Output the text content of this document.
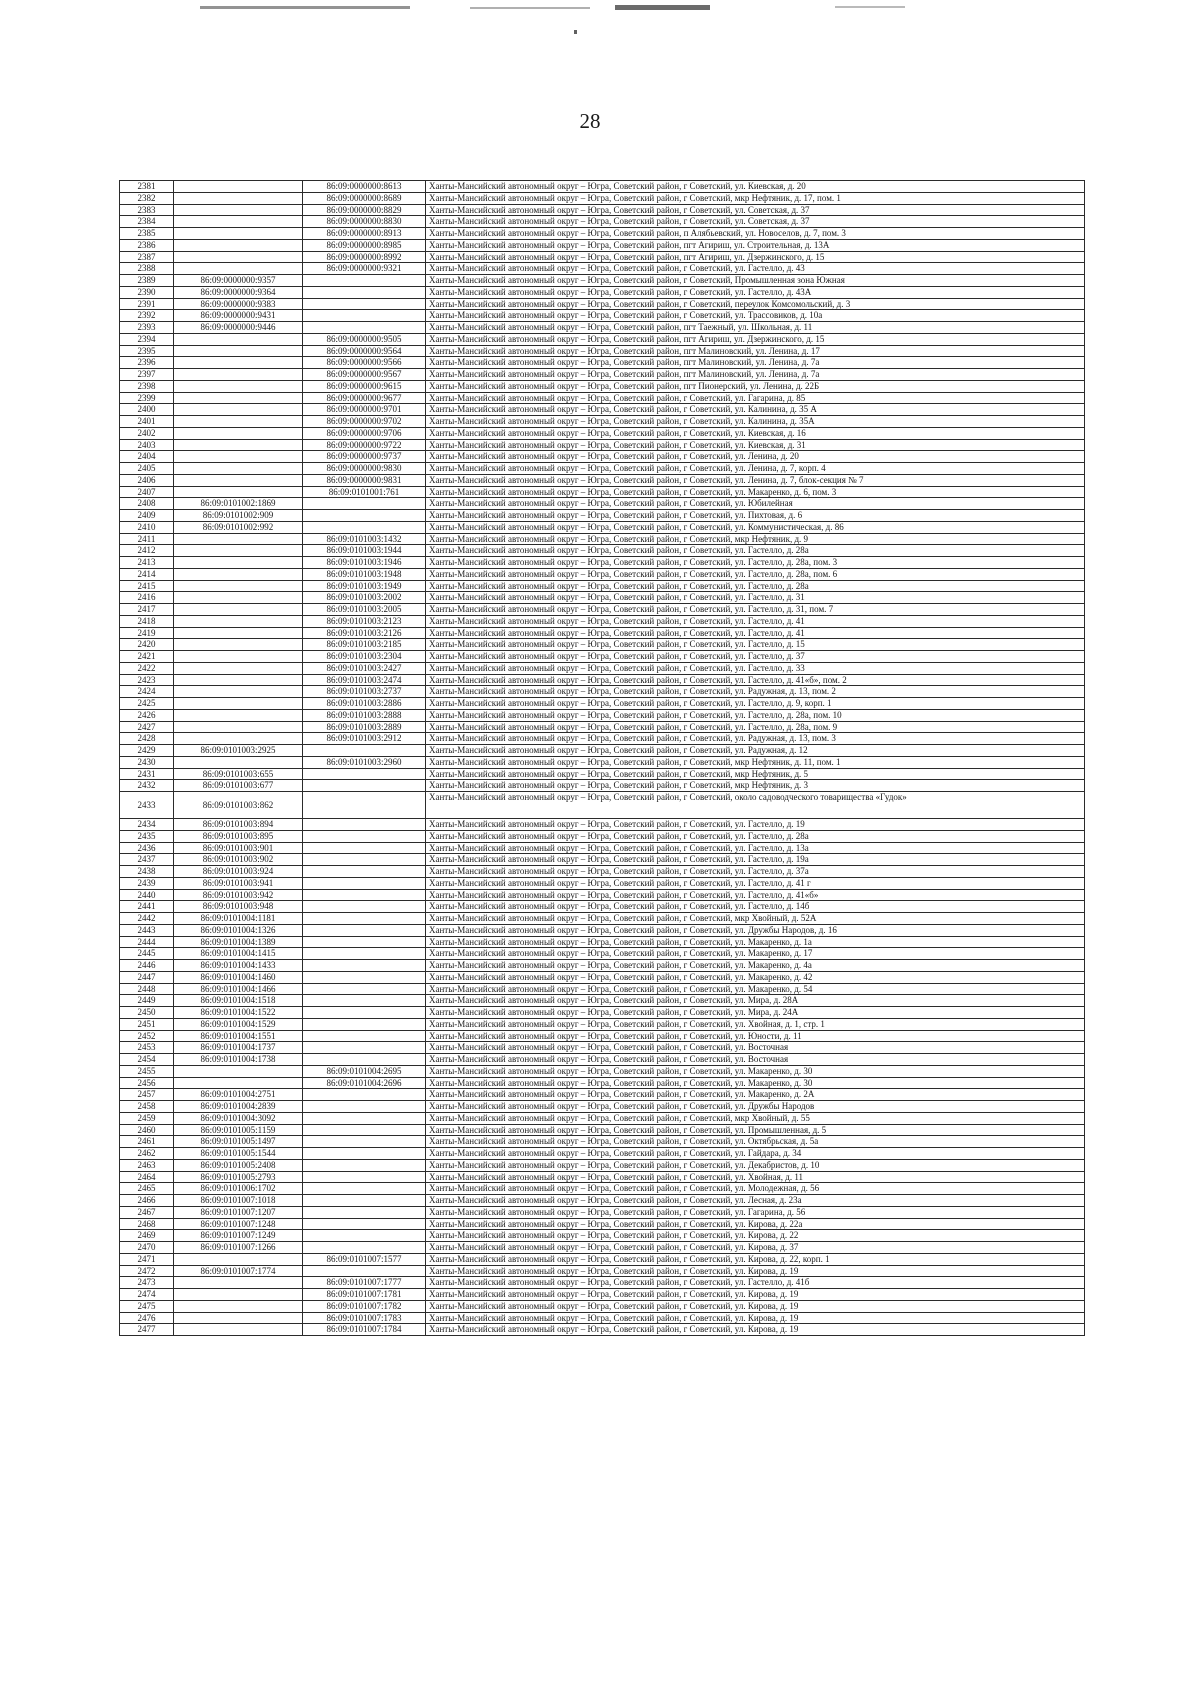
28
2381		86:09:0000000:8613	Ханты-Мансийский автономный округ – Югра, Советский район, г Советский, ул. Киевская, д. 20
2382		86:09:0000000:8689	Ханты-Мансийский автономный округ – Югра, Советский район, г Советский, мкр Нефтяник, д. 17, пом. 1
2383		86:09:0000000:8829	Ханты-Мансийский автономный округ – Югра, Советский район, г Советский, ул. Советская, д. 37
2384		86:09:0000000:8830	Ханты-Мансийский автономный округ – Югра, Советский район, г Советский, ул. Советская, д. 37
2385		86:09:0000000:8913	Ханты-Мансийский автономный округ – Югра, Советский район, п Алябьевский, ул. Новоселов, д. 7, пом. 3
2386		86:09:0000000:8985	Ханты-Мансийский автономный округ – Югра, Советский район, пгт Агириш, ул. Строительная, д. 13А
2387		86:09:0000000:8992	Ханты-Мансийский автономный округ – Югра, Советский район, пгт Агириш, ул. Дзержинского, д. 15
2388		86:09:0000000:9321	Ханты-Мансийский автономный округ – Югра, Советский район, г Советский, ул. Гастелло, д. 43
2389	86:09:0000000:9357		Ханты-Мансийский автономный округ – Югра, Советский район, г Советский, Промышленная зона Южная
2390	86:09:0000000:9364		Ханты-Мансийский автономный округ – Югра, Советский район, г Советский, ул. Гастелло, д. 43А
2391	86:09:0000000:9383		Ханты-Мансийский автономный округ – Югра, Советский район, г Советский, переулок Комсомольский, д. 3
2392	86:09:0000000:9431		Ханты-Мансийский автономный округ – Югра, Советский район, г Советский, ул. Трассовиков, д. 10а
2393	86:09:0000000:9446		Ханты-Мансийский автономный округ – Югра, Советский район, пгт Таежный, ул. Школьная, д. 11
2394		86:09:0000000:9505	Ханты-Мансийский автономный округ – Югра, Советский район, пгт Агириш, ул. Дзержинского, д. 15
2395		86:09:0000000:9564	Ханты-Мансийский автономный округ – Югра, Советский район, пгт Малиновский, ул. Ленина, д. 17
2396		86:09:0000000:9566	Ханты-Мансийский автономный округ – Югра, Советский район, пгт Малиновский, ул. Ленина, д. 7а
2397		86:09:0000000:9567	Ханты-Мансийский автономный округ – Югра, Советский район, пгт Малиновский, ул. Ленина, д. 7а
2398		86:09:0000000:9615	Ханты-Мансийский автономный округ – Югра, Советский район, пгт Пионерский, ул. Ленина, д. 22Б
2399		86:09:0000000:9677	Ханты-Мансийский автономный округ – Югра, Советский район, г Советский, ул. Гагарина, д. 85
2400		86:09:0000000:9701	Ханты-Мансийский автономный округ – Югра, Советский район, г Советский, ул. Калинина, д. 35 А
2401		86:09:0000000:9702	Ханты-Мансийский автономный округ – Югра, Советский район, г Советский, ул. Калинина, д. 35А
2402		86:09:0000000:9706	Ханты-Мансийский автономный округ – Югра, Советский район, г Советский, ул. Киевская, д. 16
2403		86:09:0000000:9722	Ханты-Мансийский автономный округ – Югра, Советский район, г Советский, ул. Киевская, д. 31
2404		86:09:0000000:9737	Ханты-Мансийский автономный округ – Югра, Советский район, г Советский, ул. Ленина, д. 20
2405		86:09:0000000:9830	Ханты-Мансийский автономный округ – Югра, Советский район, г Советский, ул. Ленина, д. 7, корп. 4
2406		86:09:0000000:9831	Ханты-Мансийский автономный округ – Югра, Советский район, г Советский, ул. Ленина, д. 7, блок-секция № 7
2407		86:09:0101001:761	Ханты-Мансийский автономный округ – Югра, Советский район, г Советский, ул. Макаренко, д. 6, пом. 3
2408	86:09:0101002:1869		Ханты-Мансийский автономный округ – Югра, Советский район, г Советский, ул. Юбилейная
2409	86:09:0101002:909		Ханты-Мансийский автономный округ – Югра, Советский район, г Советский, ул. Пихтовая, д. 6
2410	86:09:0101002:992		Ханты-Мансийский автономный округ – Югра, Советский район, г Советский, ул. Коммунистическая, д. 86
2411		86:09:0101003:1432	Ханты-Мансийский автономный округ – Югра, Советский район, г Советский, мкр Нефтяник, д. 9
2412		86:09:0101003:1944	Ханты-Мансийский автономный округ – Югра, Советский район, г Советский, ул. Гастелло, д. 28а
2413		86:09:0101003:1946	Ханты-Мансийский автономный округ – Югра, Советский район, г Советский, ул. Гастелло, д. 28а, пом. 3
2414		86:09:0101003:1948	Ханты-Мансийский автономный округ – Югра, Советский район, г Советский, ул. Гастелло, д. 28а, пом. 6
2415		86:09:0101003:1949	Ханты-Мансийский автономный округ – Югра, Советский район, г Советский, ул. Гастелло, д. 28а
2416		86:09:0101003:2002	Ханты-Мансийский автономный округ – Югра, Советский район, г Советский, ул. Гастелло, д. 31
2417		86:09:0101003:2005	Ханты-Мансийский автономный округ – Югра, Советский район, г Советский, ул. Гастелло, д. 31, пом. 7
2418		86:09:0101003:2123	Ханты-Мансийский автономный округ – Югра, Советский район, г Советский, ул. Гастелло, д. 41
2419		86:09:0101003:2126	Ханты-Мансийский автономный округ – Югра, Советский район, г Советский, ул. Гастелло, д. 41
2420		86:09:0101003:2185	Ханты-Мансийский автономный округ – Югра, Советский район, г Советский, ул. Гастелло, д. 15
2421		86:09:0101003:2304	Ханты-Мансийский автономный округ – Югра, Советский район, г Советский, ул. Гастелло, д. 37
2422		86:09:0101003:2427	Ханты-Мансийский автономный округ – Югра, Советский район, г Советский, ул. Гастелло, д. 33
2423		86:09:0101003:2474	Ханты-Мансийский автономный округ – Югра, Советский район, г Советский, ул. Гастелло, д. 41«б», пом. 2
2424		86:09:0101003:2737	Ханты-Мансийский автономный округ – Югра, Советский район, г Советский, ул. Радужная, д. 13, пом. 2
2425		86:09:0101003:2886	Ханты-Мансийский автономный округ – Югра, Советский район, г Советский, ул. Гастелло, д. 9, корп. 1
2426		86:09:0101003:2888	Ханты-Мансийский автономный округ – Югра, Советский район, г Советский, ул. Гастелло, д. 28а, пом. 10
2427		86:09:0101003:2889	Ханты-Мансийский автономный округ – Югра, Советский район, г Советский, ул. Гастелло, д. 28а, пом. 9
2428		86:09:0101003:2912	Ханты-Мансийский автономный округ – Югра, Советский район, г Советский, ул. Радужная, д. 13, пом. 3
2429	86:09:0101003:2925		Ханты-Мансийский автономный округ – Югра, Советский район, г Советский, ул. Радужная, д. 12
2430		86:09:0101003:2960	Ханты-Мансийский автономный округ – Югра, Советский район, г Советский, мкр Нефтяник, д. 11, пом. 1
2431	86:09:0101003:655		Ханты-Мансийский автономный округ – Югра, Советский район, г Советский, мкр Нефтяник, д. 5
2432	86:09:0101003:677		Ханты-Мансийский автономный округ – Югра, Советский район, г Советский, мкр Нефтяник, д. 3
2433	86:09:0101003:862		Ханты-Мансийский автономный округ – Югра, Советский район, г Советский, около садоводческого товарищества «Гудок»
2434	86:09:0101003:894		Ханты-Мансийский автономный округ – Югра, Советский район, г Советский, ул. Гастелло, д. 19
2435	86:09:0101003:895		Ханты-Мансийский автономный округ – Югра, Советский район, г Советский, ул. Гастелло, д. 28а
2436	86:09:0101003:901		Ханты-Мансийский автономный округ – Югра, Советский район, г Советский, ул. Гастелло, д. 13а
2437	86:09:0101003:902		Ханты-Мансийский автономный округ – Югра, Советский район, г Советский, ул. Гастелло, д. 19а
2438	86:09:0101003:924		Ханты-Мансийский автономный округ – Югра, Советский район, г Советский, ул. Гастелло, д. 37а
2439	86:09:0101003:941		Ханты-Мансийский автономный округ – Югра, Советский район, г Советский, ул. Гастелло, д. 41 г
2440	86:09:0101003:942		Ханты-Мансийский автономный округ – Югра, Советский район, г Советский, ул. Гастелло, д. 41«б»
2441	86:09:0101003:948		Ханты-Мансийский автономный округ – Югра, Советский район, г Советский, ул. Гастелло, д. 14б
2442	86:09:0101004:1181		Ханты-Мансийский автономный округ – Югра, Советский район, г Советский, мкр Хвойный, д. 52А
2443	86:09:0101004:1326		Ханты-Мансийский автономный округ – Югра, Советский район, г Советский, ул. Дружбы Народов, д. 16
2444	86:09:0101004:1389		Ханты-Мансийский автономный округ – Югра, Советский район, г Советский, ул. Макаренко, д. 1а
2445	86:09:0101004:1415		Ханты-Мансийский автономный округ – Югра, Советский район, г Советский, ул. Макаренко, д. 17
2446	86:09:0101004:1433		Ханты-Мансийский автономный округ – Югра, Советский район, г Советский, ул. Макаренко, д. 4а
2447	86:09:0101004:1460		Ханты-Мансийский автономный округ – Югра, Советский район, г Советский, ул. Макаренко, д. 42
2448	86:09:0101004:1466		Ханты-Мансийский автономный округ – Югра, Советский район, г Советский, ул. Макаренко, д. 54
2449	86:09:0101004:1518		Ханты-Мансийский автономный округ – Югра, Советский район, г Советский, ул. Мира, д. 28А
2450	86:09:0101004:1522		Ханты-Мансийский автономный округ – Югра, Советский район, г Советский, ул. Мира, д. 24А
2451	86:09:0101004:1529		Ханты-Мансийский автономный округ – Югра, Советский район, г Советский, ул. Хвойная, д. 1, стр. 1
2452	86:09:0101004:1551		Ханты-Мансийский автономный округ – Югра, Советский район, г Советский, ул. Юности, д. 11
2453	86:09:0101004:1737		Ханты-Мансийский автономный округ – Югра, Советский район, г Советский, ул. Восточная
2454	86:09:0101004:1738		Ханты-Мансийский автономный округ – Югра, Советский район, г Советский, ул. Восточная
2455		86:09:0101004:2695	Ханты-Мансийский автономный округ – Югра, Советский район, г Советский, ул. Макаренко, д. 30
2456		86:09:0101004:2696	Ханты-Мансийский автономный округ – Югра, Советский район, г Советский, ул. Макаренко, д. 30
2457	86:09:0101004:2751		Ханты-Мансийский автономный округ – Югра, Советский район, г Советский, ул. Макаренко, д. 2А
2458	86:09:0101004:2839		Ханты-Мансийский автономный округ – Югра, Советский район, г Советский, ул. Дружбы Народов
2459	86:09:0101004:3092		Ханты-Мансийский автономный округ – Югра, Советский район, г Советский, мкр Хвойный, д. 55
2460	86:09:0101005:1159		Ханты-Мансийский автономный округ – Югра, Советский район, г Советский, ул. Промышленная, д. 5
2461	86:09:0101005:1497		Ханты-Мансийский автономный округ – Югра, Советский район, г Советский, ул. Октябрьская, д. 5а
2462	86:09:0101005:1544		Ханты-Мансийский автономный округ – Югра, Советский район, г Советский, ул. Гайдара, д. 34
2463	86:09:0101005:2408		Ханты-Мансийский автономный округ – Югра, Советский район, г Советский, ул. Декабристов, д. 10
2464	86:09:0101005:2793		Ханты-Мансийский автономный округ – Югра, Советский район, г Советский, ул. Хвойная, д. 11
2465	86:09:0101006:1702		Ханты-Мансийский автономный округ – Югра, Советский район, г Советский, ул. Молодежная, д. 56
2466	86:09:0101007:1018		Ханты-Мансийский автономный округ – Югра, Советский район, г Советский, ул. Лесная, д. 23а
2467	86:09:0101007:1207		Ханты-Мансийский автономный округ – Югра, Советский район, г Советский, ул. Гагарина, д. 56
2468	86:09:0101007:1248		Ханты-Мансийский автономный округ – Югра, Советский район, г Советский, ул. Кирова, д. 22а
2469	86:09:0101007:1249		Ханты-Мансийский автономный округ – Югра, Советский район, г Советский, ул. Кирова, д. 22
2470	86:09:0101007:1266		Ханты-Мансийский автономный округ – Югра, Советский район, г Советский, ул. Кирова, д. 37
2471		86:09:0101007:1577	Ханты-Мансийский автономный округ – Югра, Советский район, г Советский, ул. Кирова, д. 22, корп. 1
2472	86:09:0101007:1774		Ханты-Мансийский автономный округ – Югра, Советский район, г Советский, ул. Кирова, д. 19
2473		86:09:0101007:1777	Ханты-Мансийский автономный округ – Югра, Советский район, г Советский, ул. Гастелло, д. 41б
2474		86:09:0101007:1781	Ханты-Мансийский автономный округ – Югра, Советский район, г Советский, ул. Кирова, д. 19
2475		86:09:0101007:1782	Ханты-Мансийский автономный округ – Югра, Советский район, г Советский, ул. Кирова, д. 19
2476		86:09:0101007:1783	Ханты-Мансийский автономный округ – Югра, Советский район, г Советский, ул. Кирова, д. 19
2477		86:09:0101007:1784	Ханты-Мансийский автономный округ – Югра, Советский район, г Советский, ул. Кирова, д. 19
